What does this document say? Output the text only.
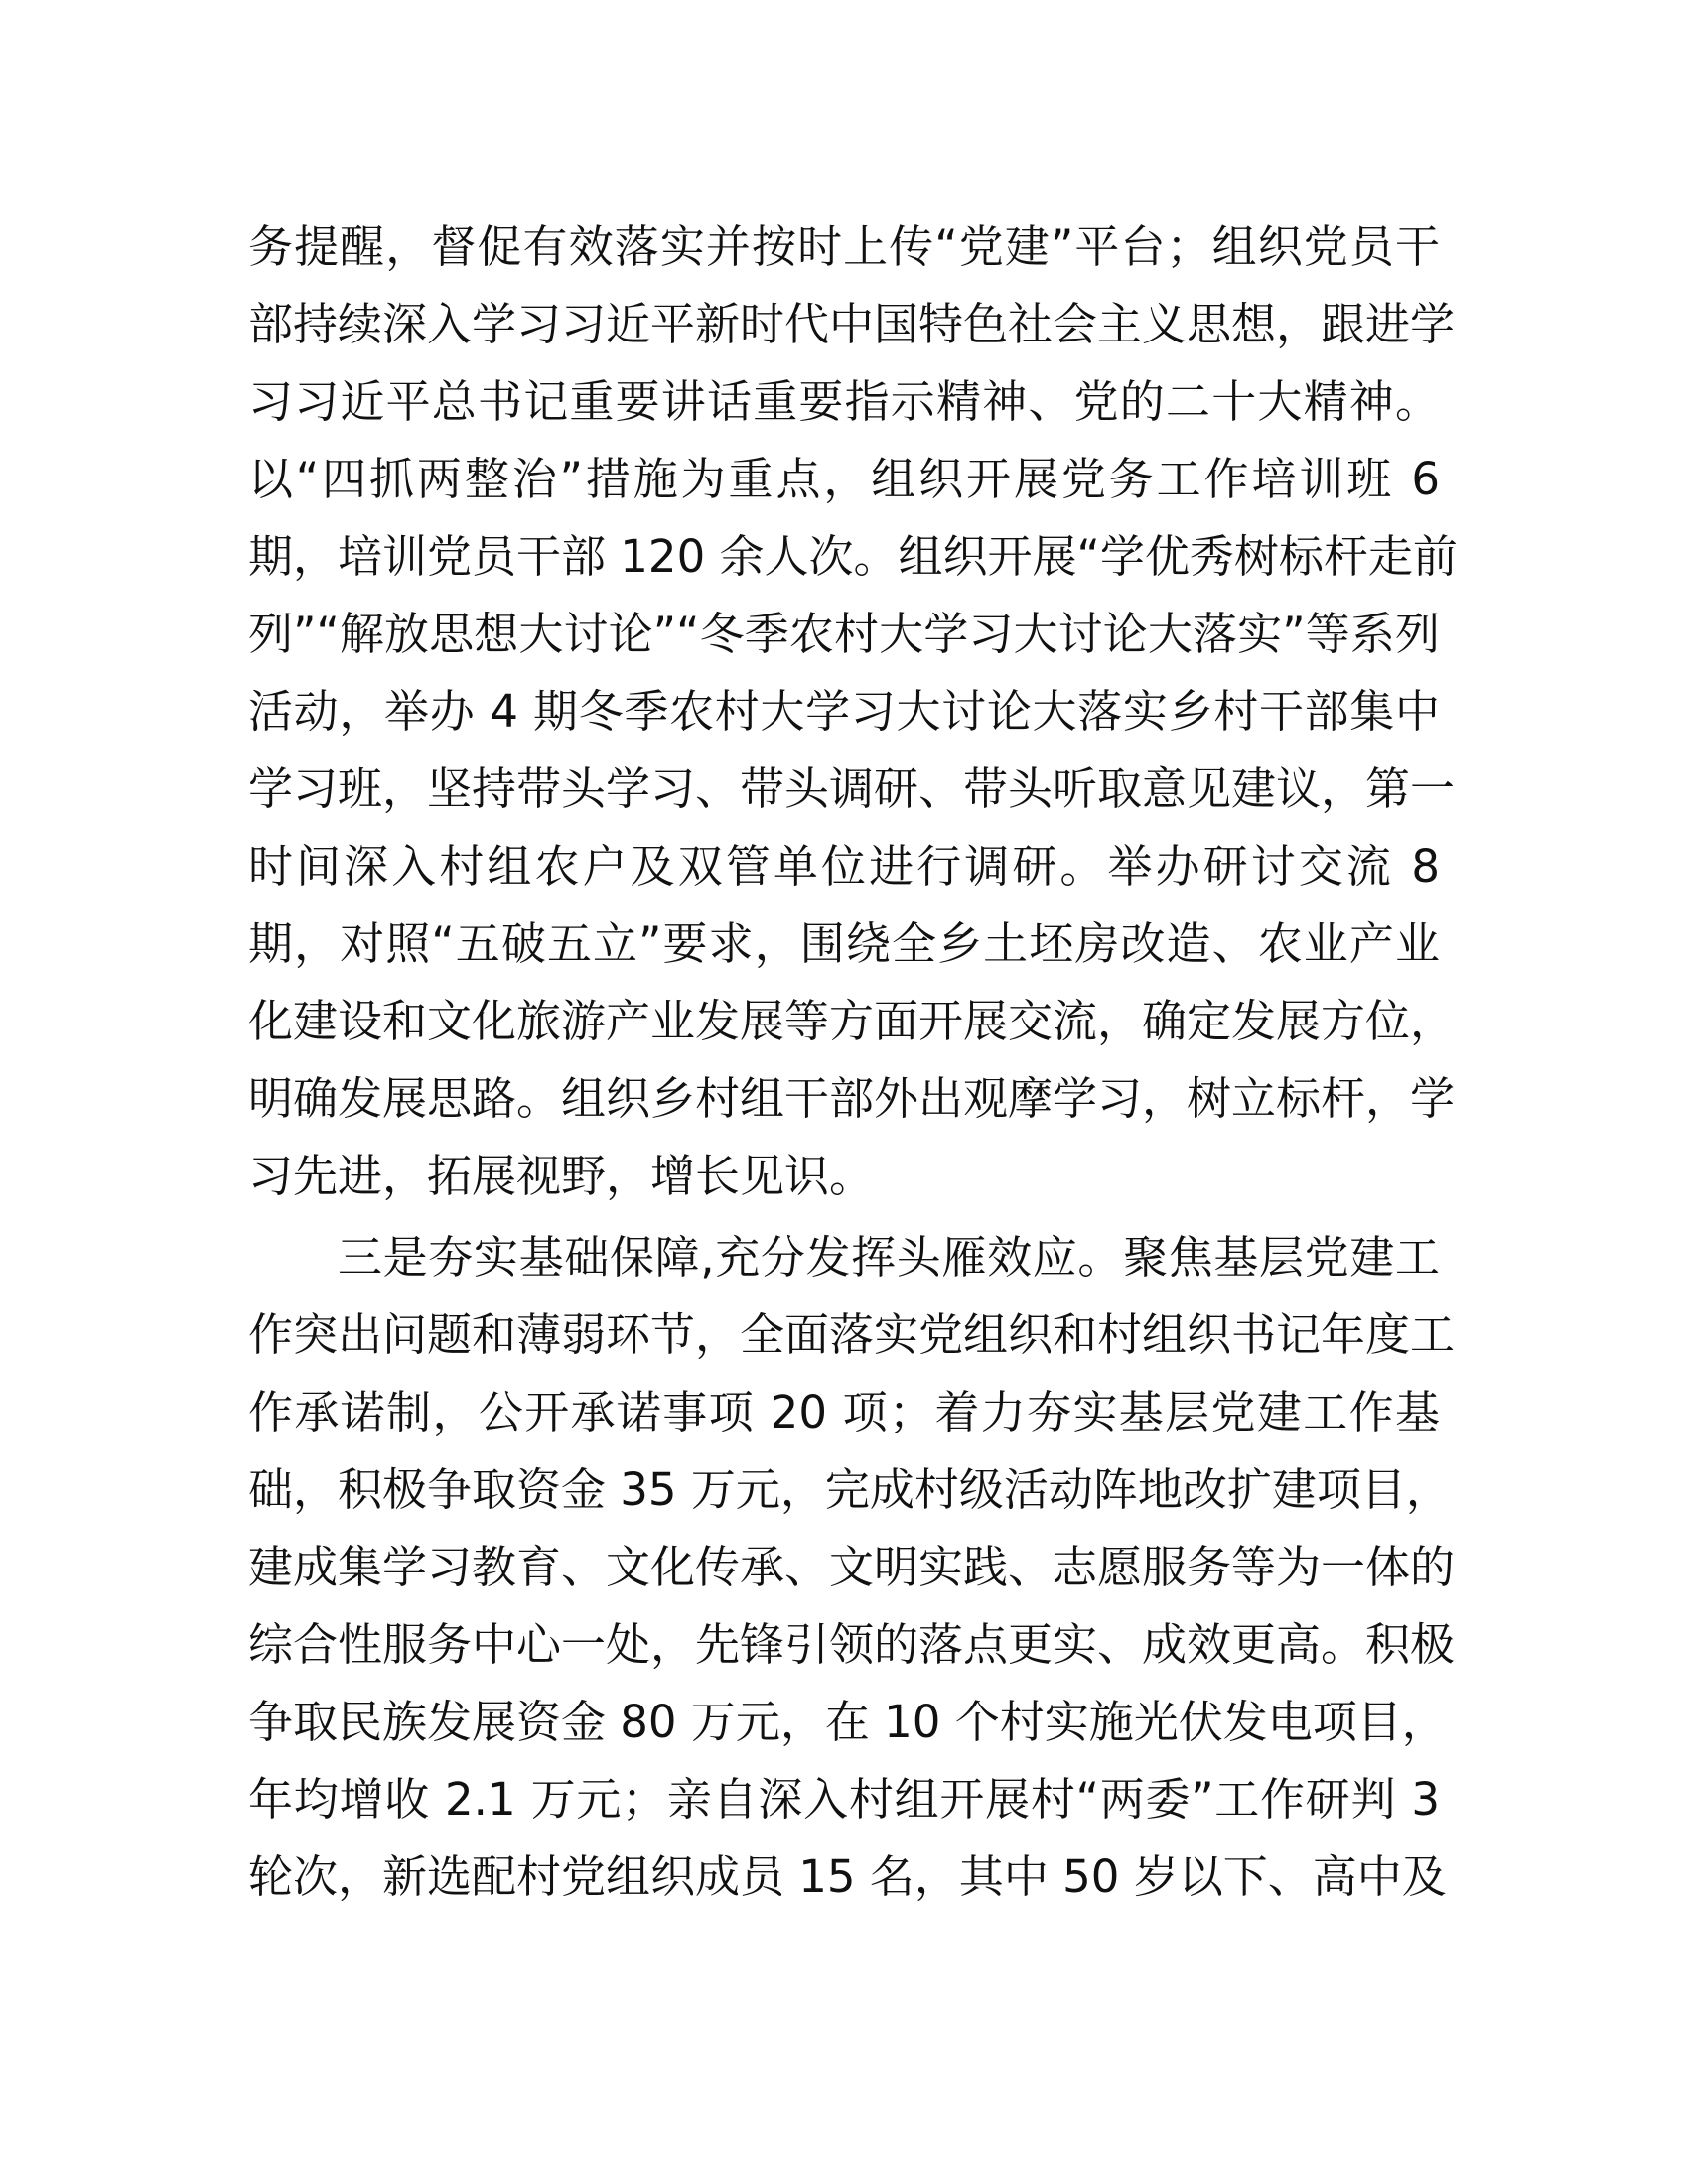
务提醒，督促有效落实并按时上传“党建”平台；组织党员干
部持续深入学习习近平新时代中国特色社会主义思想，跟进学
习习近平总书记重要讲话重要指示精神、党的二十大精神。
以“四抓两整治”措施为重点，组织开展党务工作培训班 6
期，培训党员干部 120 余人次。组织开展“学优秀树标杆走前
列”“解放思想大讨论”“冬季农村大学习大讨论大落实”等系列
活动，举办 4 期冬季农村大学习大讨论大落实乡村干部集中
学习班，坚持带头学习、带头调研、带头听取意见建议，第一
时间深入村组农户及双管单位进行调研。举办研讨交流 8
期，对照“五破五立”要求，围绕全乡土坯房改造、农业产业
化建设和文化旅游产业发展等方面开展交流，确定发展方位，
明确发展思路。组织乡村组干部外出观摩学习，树立标杆，学
习先进，拓展视野，增长见识。
三是夯实基础保障,充分发挥头雁效应。聚焦基层党建工
作突出问题和薄弱环节，全面落实党组织和村组织书记年度工
作承诺制，公开承诺事项 20 项；着力夯实基层党建工作基
础，积极争取资金 35 万元，完成村级活动阵地改扩建项目，
建成集学习教育、文化传承、文明实践、志愿服务等为一体的
综合性服务中心一处，先锋引领的落点更实、成效更高。积极
争取民族发展资金 80 万元，在 10 个村实施光伏发电项目，
年均增收 2.1 万元；亲自深入村组开展村“两委”工作研判 3
轮次，新选配村党组织成员 15 名，其中 50 岁以下、高中及
